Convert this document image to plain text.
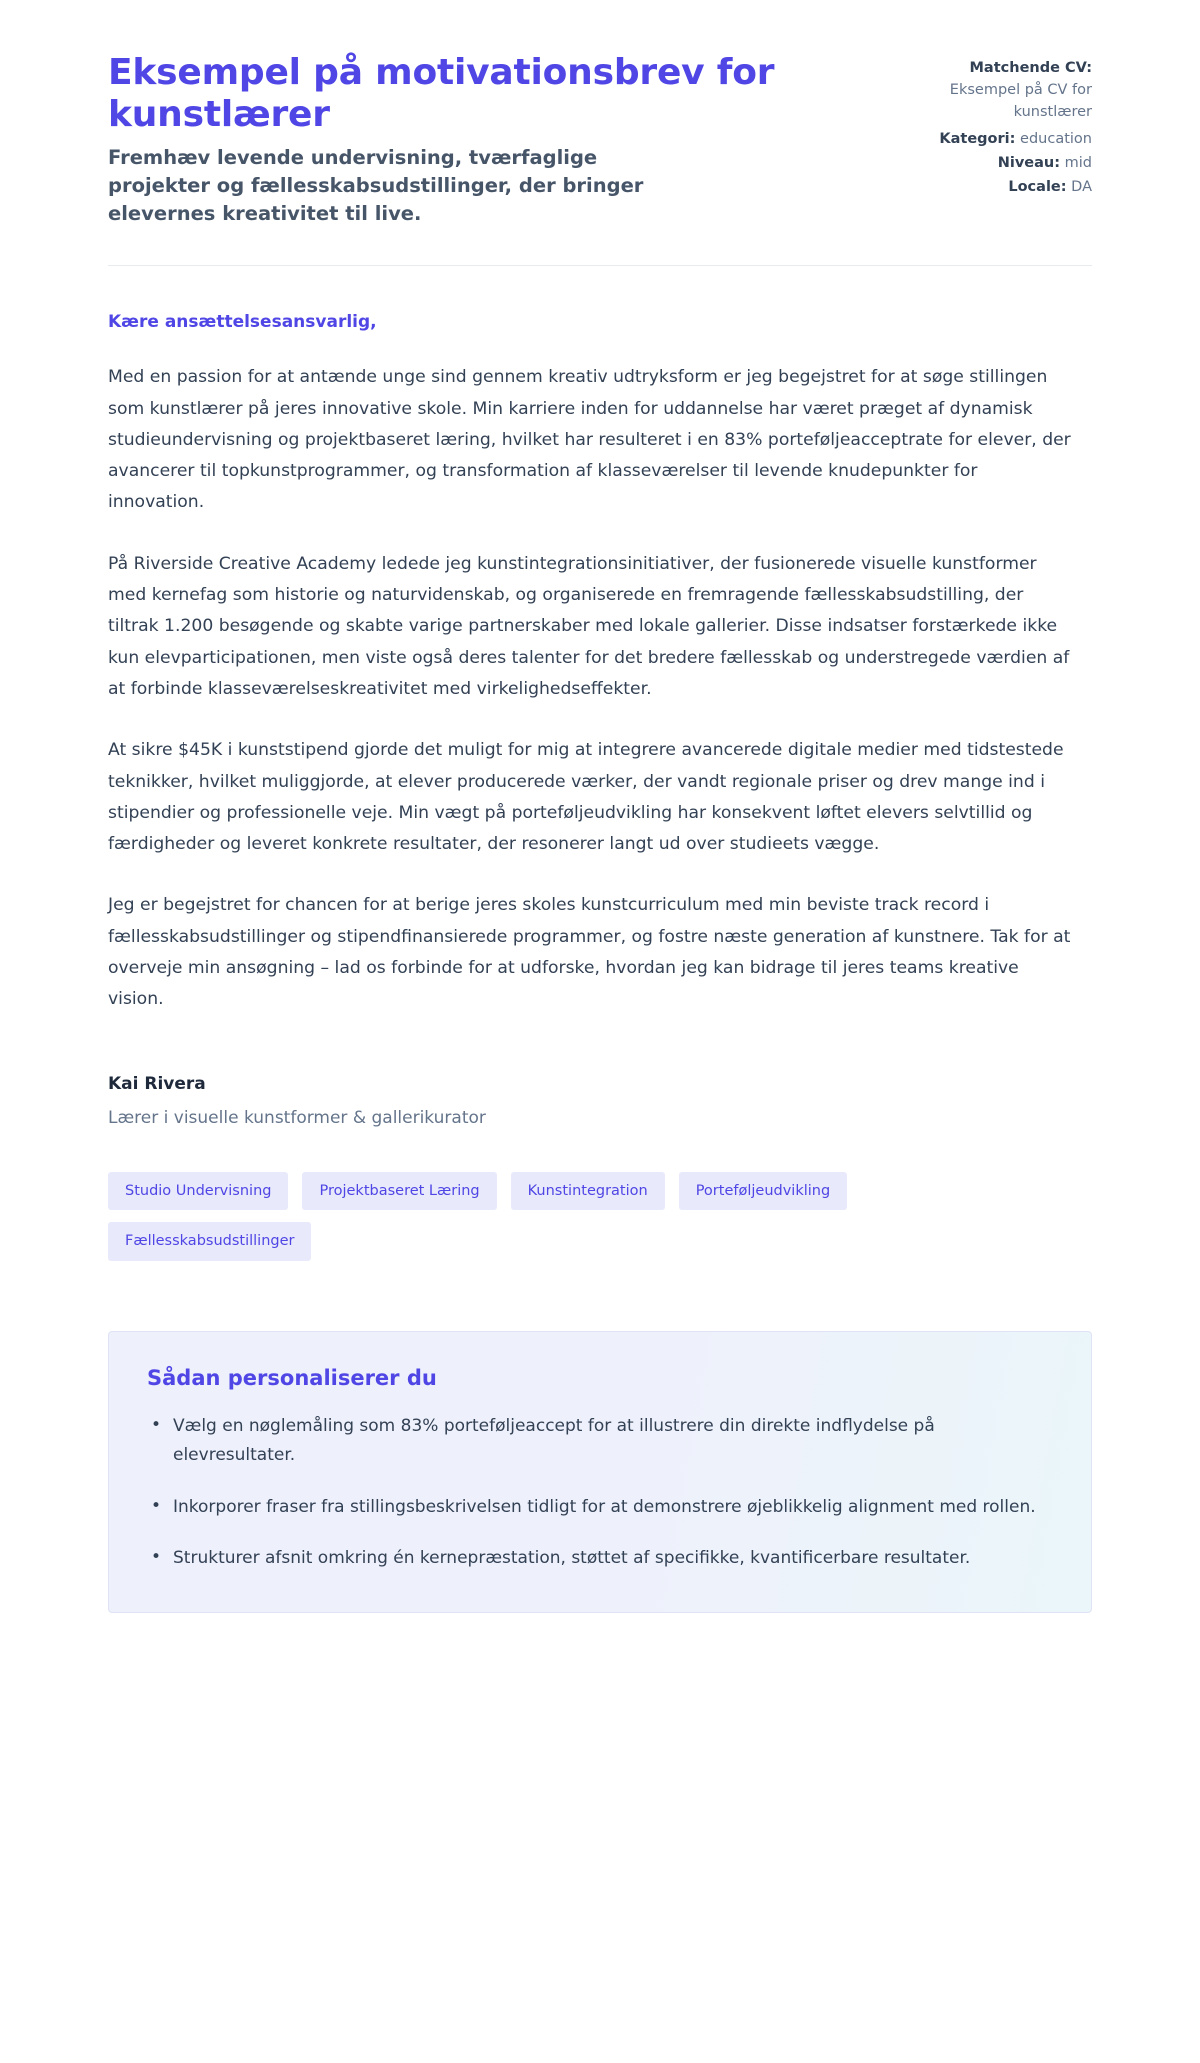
Eksempel på motivationsbrev for kunstlærer

Fremhæv levende undervisning, tværfaglige projekter og fællesskabsudstillinger, der bringer elevernes kreativitet til live.

Matchende CV:
Eksempel på CV for kunstlærer
Kategori: education
Niveau: mid
Locale: DA

Kære ansættelsesansvarlig,

Med en passion for at antænde unge sind gennem kreativ udtryksform er jeg begejstret for at søge stillingen som kunstlærer på jeres innovative skole. Min karriere inden for uddannelse har været præget af dynamisk studieundervisning og projektbaseret læring, hvilket har resulteret i en 83% porteføljeacceptrate for elever, der avancerer til topkunstprogrammer, og transformation af klasseværelser til levende knudepunkter for innovation.

På Riverside Creative Academy ledede jeg kunstintegrationsinitiativer, der fusionerede visuelle kunstformer med kernefag som historie og naturvidenskab, og organiserede en fremragende fællesskabsudstilling, der tiltrak 1.200 besøgende og skabte varige partnerskaber med lokale gallerier. Disse indsatser forstærkede ikke kun elevparticipationen, men viste også deres talenter for det bredere fællesskab og understregede værdien af at forbinde klasseværelseskreativitet med virkelighedseffekter.

At sikre $45K i kunststipend gjorde det muligt for mig at integrere avancerede digitale medier med tidstestede teknikker, hvilket muliggjorde, at elever producerede værker, der vandt regionale priser og drev mange ind i stipendier og professionelle veje. Min vægt på porteføljeudvikling har konsekvent løftet elevers selvtillid og færdigheder og leveret konkrete resultater, der resonerer langt ud over studieets vægge.

Jeg er begejstret for chancen for at berige jeres skoles kunstcurriculum med min beviste track record i fællesskabsudstillinger og stipendfinansierede programmer, og fostre næste generation af kunstnere. Tak for at overveje min ansøgning – lad os forbinde for at udforske, hvordan jeg kan bidrage til jeres teams kreative vision.

Kai Rivera

Lærer i visuelle kunstformer & gallerikurator

Studio Undervisning	Projektbaseret Læring	Kunstintegration	Porteføljeudvikling
Fællesskabsudstillinger
Sådan personaliserer du
• Vælg en nøglemåling som 83% porteføljeaccept for at illustrere din direkte indflydelse på elevresultater.
• Inkorporer fraser fra stillingsbeskrivelsen tidligt for at demonstrere øjeblikkelig alignment med rollen.
• Strukturer afsnit omkring én kernepræstation, støttet af specifikke, kvantificerbare resultater.
